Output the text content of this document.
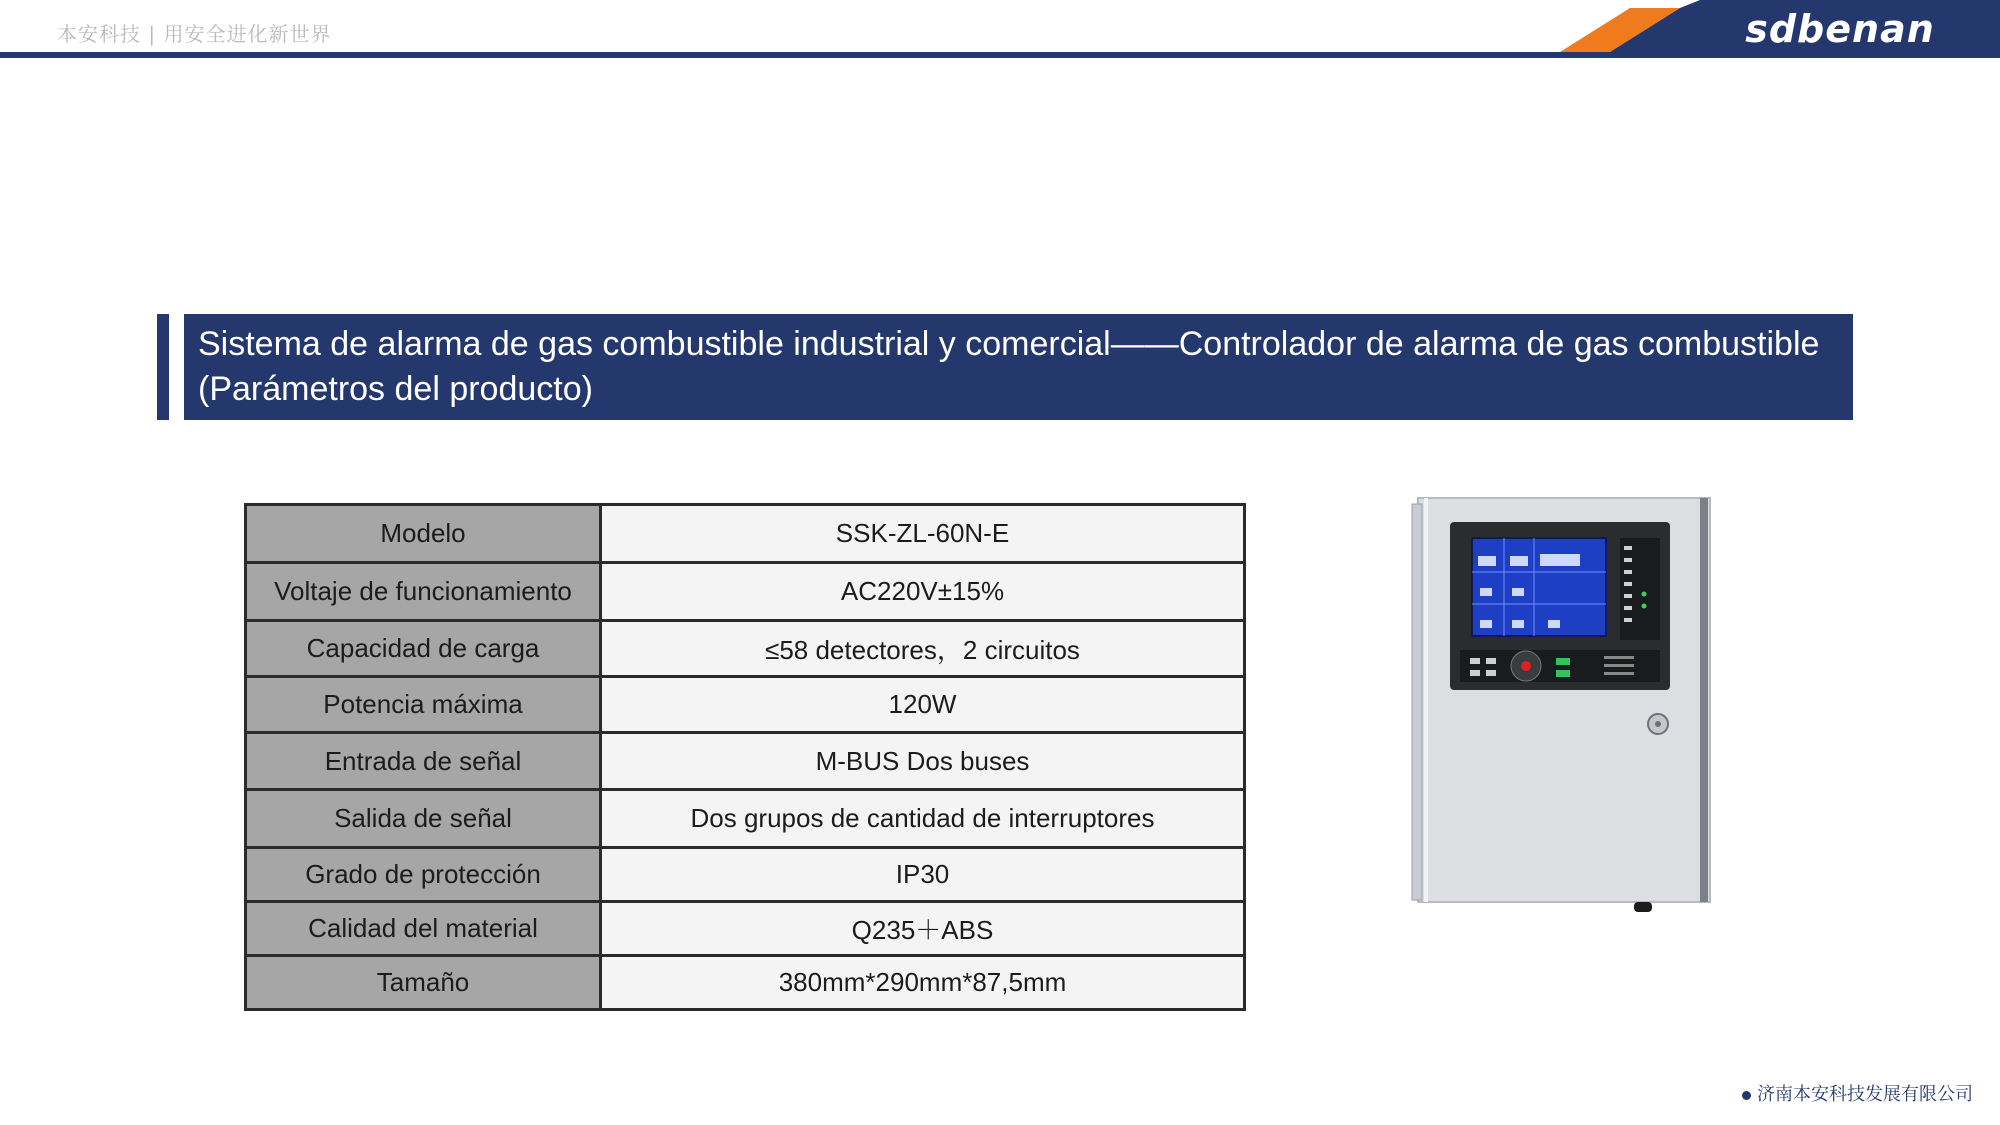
本安科技 | 用安全进化新世界	sdbenan
Sistema de alarma de gas combustible industrial y comercial——Controlador de alarma de gas combustible
(Parámetros del producto)
Modelo	SSK-ZL-60N-E
Voltaje de funcionamiento	AC220V±15%
Capacidad de carga	≤58 detectores，2 circuitos
Potencia máxima	120W
Entrada de señal	M-BUS Dos buses
Salida de señal	Dos grupos de cantidad de interruptores
Grado de protección	IP30
Calidad del material	Q235＋ABS
Tamaño	380mm*290mm*87,5mm
济南本安科技发展有限公司
